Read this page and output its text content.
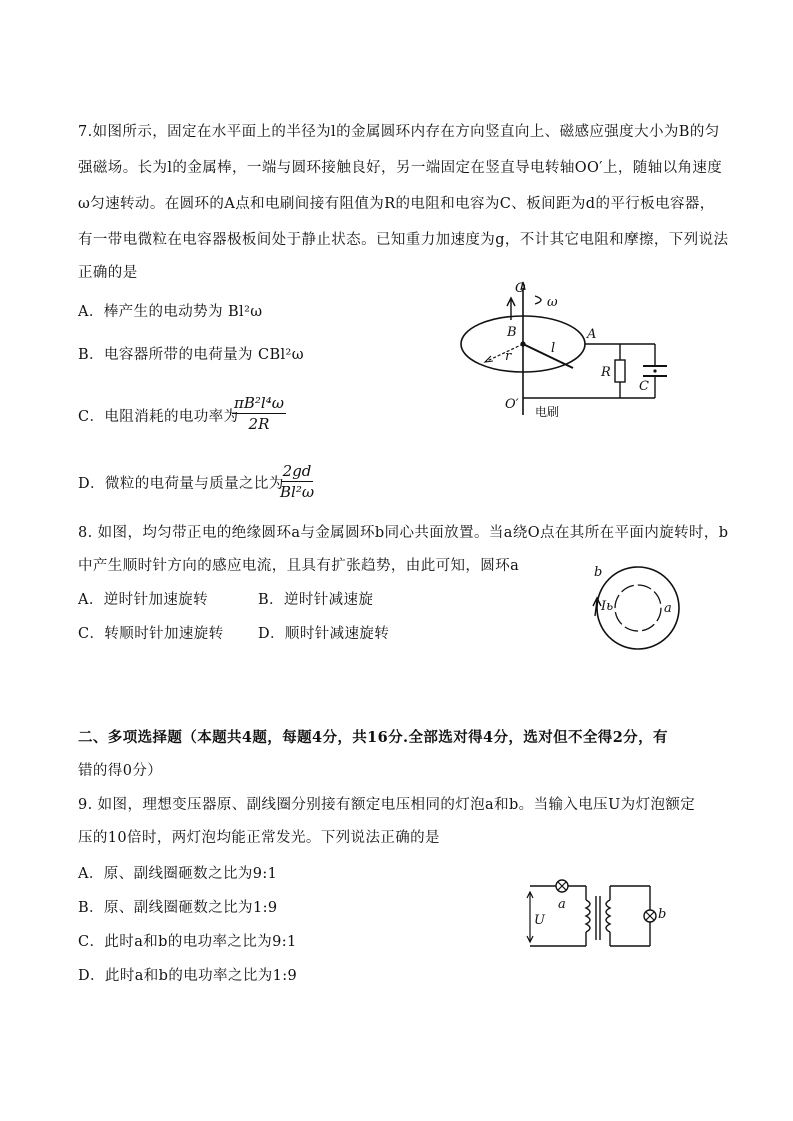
7.如图所示，固定在水平面上的半径为l的金属圆环内存在方向竖直向上、磁感应强度大小为B的匀
强磁场。长为l的金属棒，一端与圆环接触良好，另一端固定在竖直导电转轴OO′上，随轴以角速度
ω匀速转动。在圆环的A点和电刷间接有阻值为R的电阻和电容为C、板间距为d的平行板电容器，
有一带电微粒在电容器极板间处于静止状态。已知重力加速度为g，不计其它电阻和摩擦，下列说法
正确的是
A．棒产生的电动势为 Bl²ω
B．电容器所带的电荷量为 CBl²ω
C．电阻消耗的电功率为
$\frac{\text{πB²l⁴ω}}{2R}$
D．微粒的电荷量与质量之比为
$\frac{2gd}{\text{Bl²ω}}$
O
ω
B
r
l
A
R
C
O′ 电刷
8. 如图，均匀带正电的绝缘圆环a与金属圆环b同心共面放置。当a绕O点在其所在平面内旋转时，b
中产生顺时针方向的感应电流，且具有扩张趋势，由此可知，圆环a
A．逆时针加速旋转	B．逆时针减速旋
C．转顺时针加速旋转 D．顺时针减速旋转
b
a
Iь
二、多项选择题（本题共4题，每题4分，共16分.全部选对得4分，选对但不全得2分，有
错的得0分）
9. 如图，理想变压器原、副线圈分别接有额定电压相同的灯泡a和b。当输入电压U为灯泡额定
压的10倍时，两灯泡均能正常发光。下列说法正确的是
A．原、副线圈砸数之比为9:1
B．原、副线圈砸数之比为1:9
C．此时a和b的电功率之比为9:1
D．此时a和b的电功率之比为1:9
U
a
b
